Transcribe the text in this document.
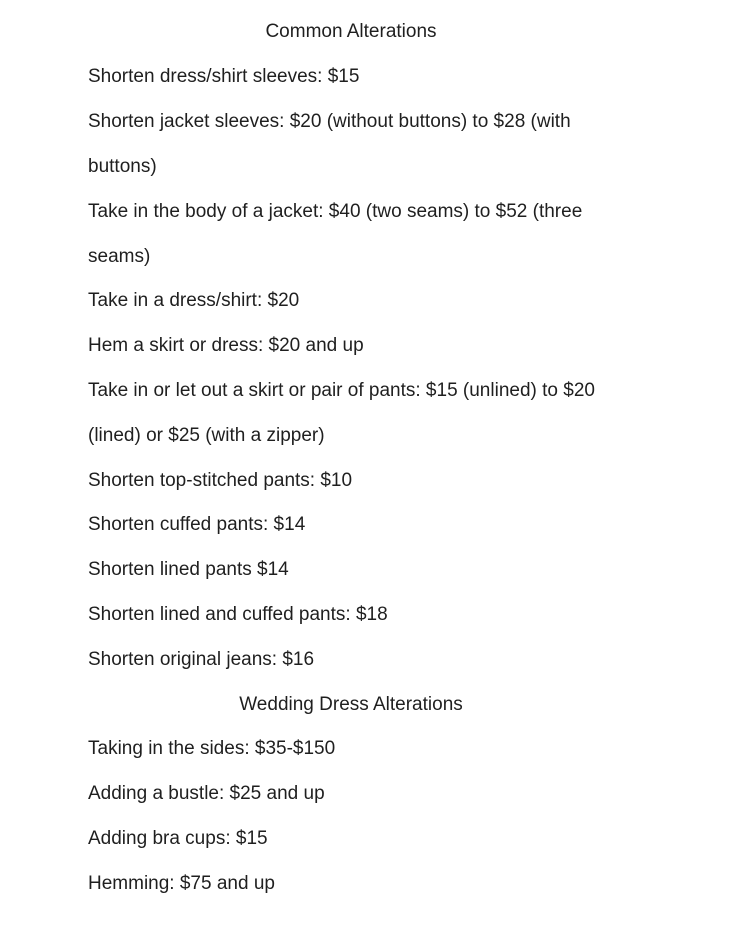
Common Alterations
Shorten dress/shirt sleeves: $15
Shorten jacket sleeves: $20 (without buttons) to $28 (with
buttons)
Take in the body of a jacket: $40 (two seams) to $52 (three
seams)
Take in a dress/shirt: $20
Hem a skirt or dress: $20 and up
Take in or let out a skirt or pair of pants: $15 (unlined) to $20
(lined) or $25 (with a zipper)
Shorten top-stitched pants: $10
Shorten cuffed pants: $14
Shorten lined pants $14
Shorten lined and cuffed pants: $18
Shorten original jeans: $16
Wedding Dress Alterations
Taking in the sides: $35-$150
Adding a bustle: $25 and up
Adding bra cups: $15
Hemming: $75 and up
